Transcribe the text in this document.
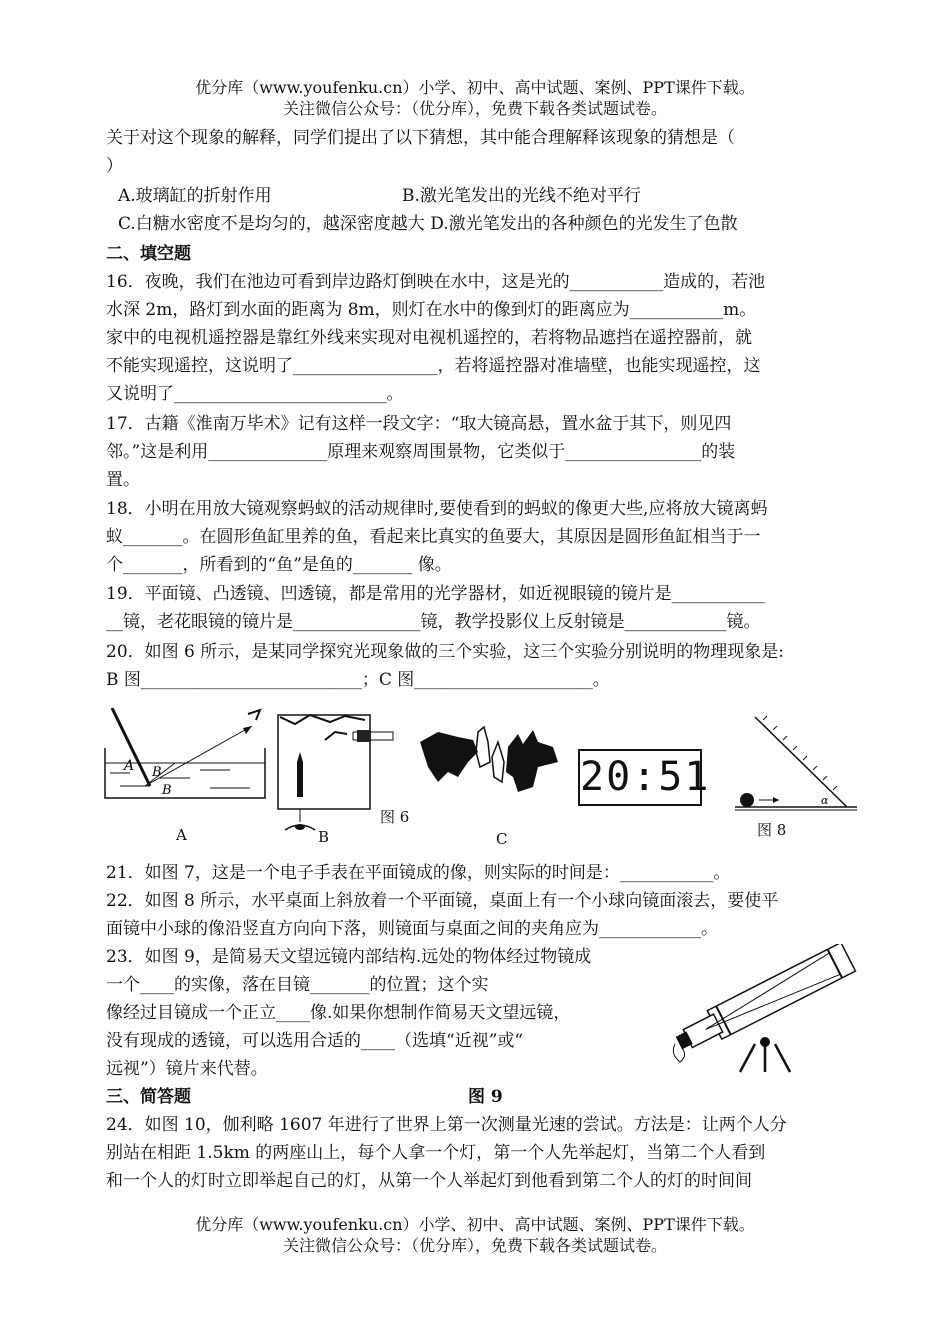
优分库（www.youfenku.cn）小学、初中、高中试题、案例、PPT课件下载。
关注微信公众号：（优分库），免费下载各类试题试卷。
关于对这个现象的解释，同学们提出了以下猜想，其中能合理解释该现象的猜想是（
）
A.玻璃缸的折射作用	B.激光笔发出的光线不绝对平行
C.白糖水密度不是均匀的，越深密度越大 D.激光笔发出的各种颜色的光发生了色散
二、填空题
16．夜晚，我们在池边可看到岸边路灯倒映在水中，这是光的___________造成的，若池
水深 2m，路灯到水面的距离为 8m，则灯在水中的像到灯的距离应为___________m。
家中的电视机遥控器是靠红外线来实现对电视机遥控的，若将物品遮挡在遥控器前，就
不能实现遥控，这说明了_________________，若将遥控器对准墙壁，也能实现遥控，这
又说明了_________________________。
17．古籍《淮南万毕术》记有这样一段文字：“取大镜高悬，置水盆于其下，则见四
邻。”这是利用______________原理来观察周围景物，它类似于________________的装
置。
18．小明在用放大镜观察蚂蚁的活动规律时,要使看到的蚂蚁的像更大些,应将放大镜离蚂
蚁_______。在圆形鱼缸里养的鱼，看起来比真实的鱼要大，其原因是圆形鱼缸相当于一
个_______，所看到的“鱼”是鱼的_______ 像。
19．平面镜、凸透镜、凹透镜，都是常用的光学器材，如近视眼镜的镜片是___________
__镜，老花眼镜的镜片是_______________镜，教学投影仪上反射镜是____________镜。
20．如图 6 所示，是某同学探究光现象做的三个实验，这三个实验分别说明的物理现象是:
B 图__________________________；C 图_____________________。
A B
B
图 6
A	B	C
20:51
α
图 8
21．如图 7，这是一个电子手表在平面镜成的像，则实际的时间是：___________。
22．如图 8 所示，水平桌面上斜放着一个平面镜，桌面上有一个小球向镜面滚去，要使平
面镜中小球的像沿竖直方向向下落，则镜面与桌面之间的夹角应为____________。
23．如图 9，是简易天文望远镜内部结构.远处的物体经过物镜成
一个____的实像，落在目镜_______的位置；这个实
像经过目镜成一个正立____像.如果你想制作简易天文望远镜，
没有现成的透镜，可以选用合适的____（选填“近视”或“
远视”）镜片来代替。
三、简答题	图 9
24．如图 10，伽利略 1607 年进行了世界上第一次测量光速的尝试。方法是：让两个人分
别站在相距 1.5km 的两座山上，每个人拿一个灯，第一个人先举起灯，当第二个人看到
和一个人的灯时立即举起自己的灯，从第一个人举起灯到他看到第二个人的灯的时间间
优分库（www.youfenku.cn）小学、初中、高中试题、案例、PPT课件下载。
关注微信公众号：（优分库），免费下载各类试题试卷。
